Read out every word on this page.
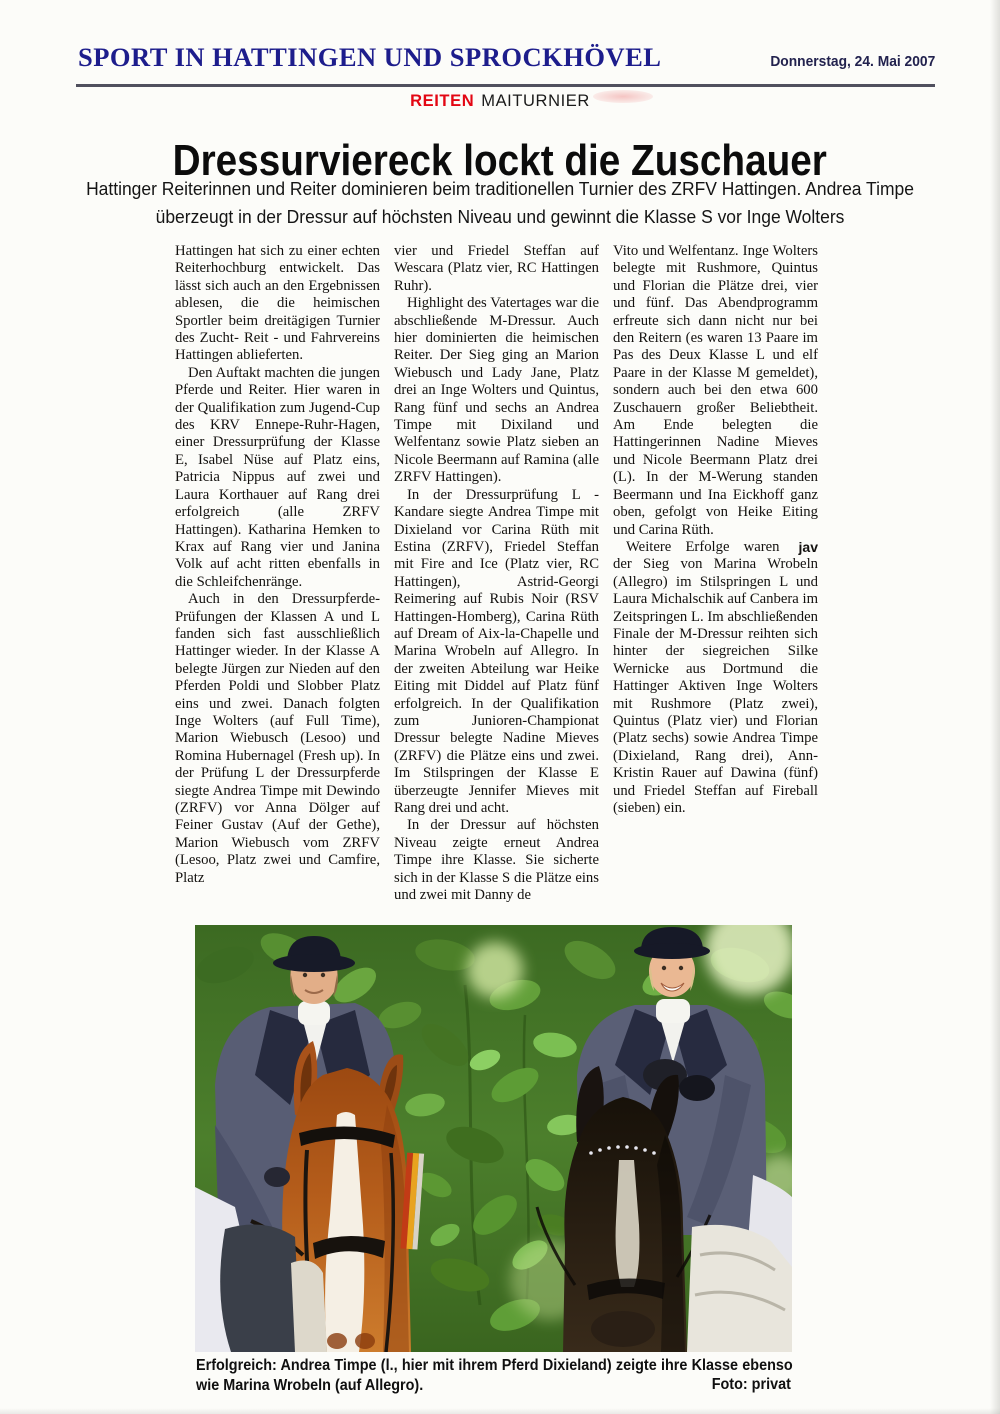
SPORT IN HATTINGEN UND SPROCKHÖVEL	Donnerstag, 24. Mai 2007
REITEN MAITURNIER
Dressurviereck lockt die Zuschauer
Hattinger Reiterinnen und Reiter dominieren beim traditionellen Turnier des ZRFV Hattingen. Andrea Timpe überzeugt in der Dressur auf höchsten Niveau und gewinnt die Klasse S vor Inge Wolters

Hattingen hat sich zu einer echten Reiterhochburg entwickelt. Das lässt sich auch an den Ergebnissen ablesen, die die heimischen Sportler beim dreitägigen Turnier des Zucht- Reit - und Fahrvereins Hattingen ablieferten.

Den Auftakt machten die jungen Pferde und Reiter. Hier waren in der Qualifikation zum Jugend-Cup des KRV Ennepe-Ruhr-Hagen, einer Dressurprüfung der Klasse E, Isabel Nüse auf Platz eins, Patricia Nippus auf zwei und Laura Korthauer auf Rang drei erfolgreich (alle ZRFV Hattingen). Katharina Hemken to Krax auf Rang vier und Janina Volk auf acht ritten ebenfalls in die Schleifchenränge.

Auch in den Dressurpferde-Prüfungen der Klassen A und L fanden sich fast ausschließlich Hattinger wieder. In der Klasse A belegte Jürgen zur Nieden auf den Pferden Poldi und Slobber Platz eins und zwei. Danach folgten Inge Wolters (auf Full Time), Marion Wiebusch (Lesoo) und Romina Hubernagel (Fresh up). In der Prüfung L der Dressurpferde siegte Andrea Timpe mit Dewindo (ZRFV) vor Anna Dölger auf Feiner Gustav (Auf der Gethe), Marion Wiebusch vom ZRFV (Lesoo, Platz zwei und Camfire, Platz

vier und Friedel Steffan auf Wescara (Platz vier, RC Hattingen Ruhr).

Highlight des Vatertages war die abschließende M-Dressur. Auch hier dominierten die heimischen Reiter. Der Sieg ging an Marion Wiebusch und Lady Jane, Platz drei an Inge Wolters und Quintus, Rang fünf und sechs an Andrea Timpe mit Dixiland und Welfentanz sowie Platz sieben an Nicole Beermann auf Ramina (alle ZRFV Hattingen).

In der Dressurprüfung L - Kandare siegte Andrea Timpe mit Dixieland vor Carina Rüth mit Estina (ZRFV), Friedel Steffan mit Fire and Ice (Platz vier, RC Hattingen), Astrid-Georgi Reimering auf Rubis Noir (RSV Hattingen-Homberg), Carina Rüth auf Dream of Aix-la-Chapelle und Marina Wrobeln auf Allegro. In der zweiten Abteilung war Heike Eiting mit Diddel auf Platz fünf erfolgreich. In der Qualifikation zum Junioren-Championat Dressur belegte Nadine Mieves (ZRFV) die Plätze eins und zwei. Im Stilspringen der Klasse E überzeugte Jennifer Mieves mit Rang drei und acht.

In der Dressur auf höchsten Niveau zeigte erneut Andrea Timpe ihre Klasse. Sie sicherte sich in der Klasse S die Plätze eins und zwei mit Danny de

Vito und Welfentanz. Inge Wolters belegte mit Rushmore, Quintus und Florian die Plätze drei, vier und fünf. Das Abendprogramm erfreute sich dann nicht nur bei den Reitern (es waren 13 Paare im Pas des Deux Klasse L und elf Paare in der Klasse M gemeldet), sondern auch bei den etwa 600 Zuschauern großer Beliebtheit. Am Ende belegten die Hattingerinnen Nadine Mieves und Nicole Beermann Platz drei (L). In der M-Werung standen Beermann und Ina Eickhoff ganz oben, gefolgt von Heike Eiting und Carina Rüth.

jav
Weitere Erfolge waren der Sieg von Marina Wrobeln (Allegro) im Stilspringen L und Laura Michalschik auf Canbera im Zeitspringen L. Im abschließenden Finale der M-Dressur reihten sich hinter der siegreichen Silke Wernicke aus Dortmund die Hattinger Aktiven Inge Wolters mit Rushmore (Platz zwei), Quintus (Platz vier) und Florian (Platz sechs) sowie Andrea Timpe (Dixieland, Rang drei), Ann-Kristin Rauer auf Dawina (fünf) und Friedel Steffan auf Fireball (sieben) ein.

Erfolgreich: Andrea Timpe (l., hier mit ihrem Pferd Dixieland) zeigte ihre Klasse ebenso wie Marina Wrobeln (auf Allegro).	Foto: privat
